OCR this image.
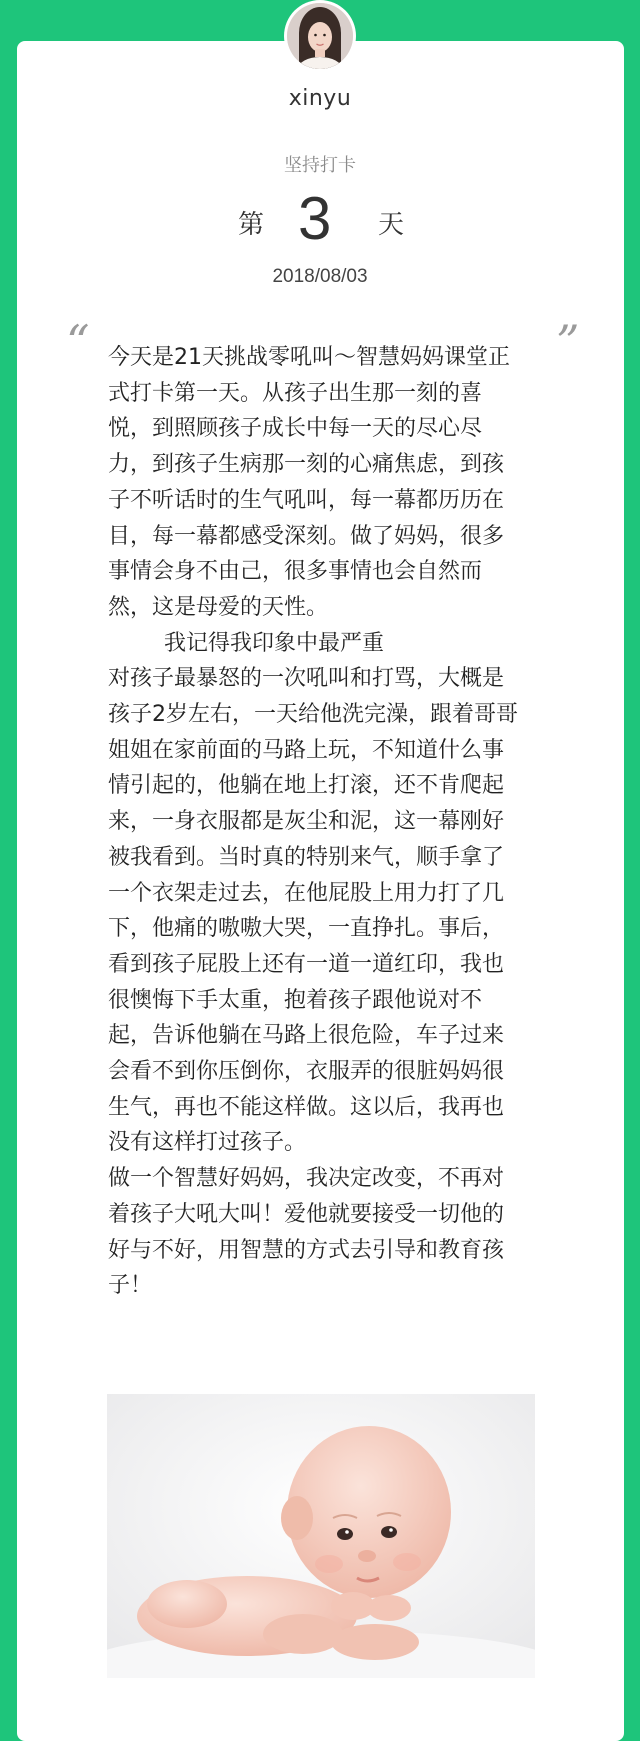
xinyu
坚持打卡
第 3 天
2018/08/03
“	”

今天是21天挑战零吼叫～智慧妈妈课堂正式打卡第一天。从孩子出生那一刻的喜悦，到照顾孩子成长中每一天的尽心尽力，到孩子生病那一刻的心痛焦虑，到孩子不听话时的生气吼叫，每一幕都历历在目，每一幕都感受深刻。做了妈妈，很多事情会身不由己，很多事情也会自然而然，这是母爱的天性。

我记得我印象中最严重

对孩子最暴怒的一次吼叫和打骂，大概是孩子2岁左右，一天给他洗完澡，跟着哥哥姐姐在家前面的马路上玩，不知道什么事情引起的，他躺在地上打滚，还不肯爬起来，一身衣服都是灰尘和泥，这一幕刚好被我看到。当时真的特别来气，顺手拿了一个衣架走过去，在他屁股上用力打了几下，他痛的嗷嗷大哭，一直挣扎。事后，看到孩子屁股上还有一道一道红印，我也很懊悔下手太重，抱着孩子跟他说对不起，告诉他躺在马路上很危险，车子过来会看不到你压倒你，衣服弄的很脏妈妈很生气，再也不能这样做。这以后，我再也没有这样打过孩子。

做一个智慧好妈妈，我决定改变，不再对着孩子大吼大叫！爱他就要接受一切他的好与不好，用智慧的方式去引导和教育孩子！
